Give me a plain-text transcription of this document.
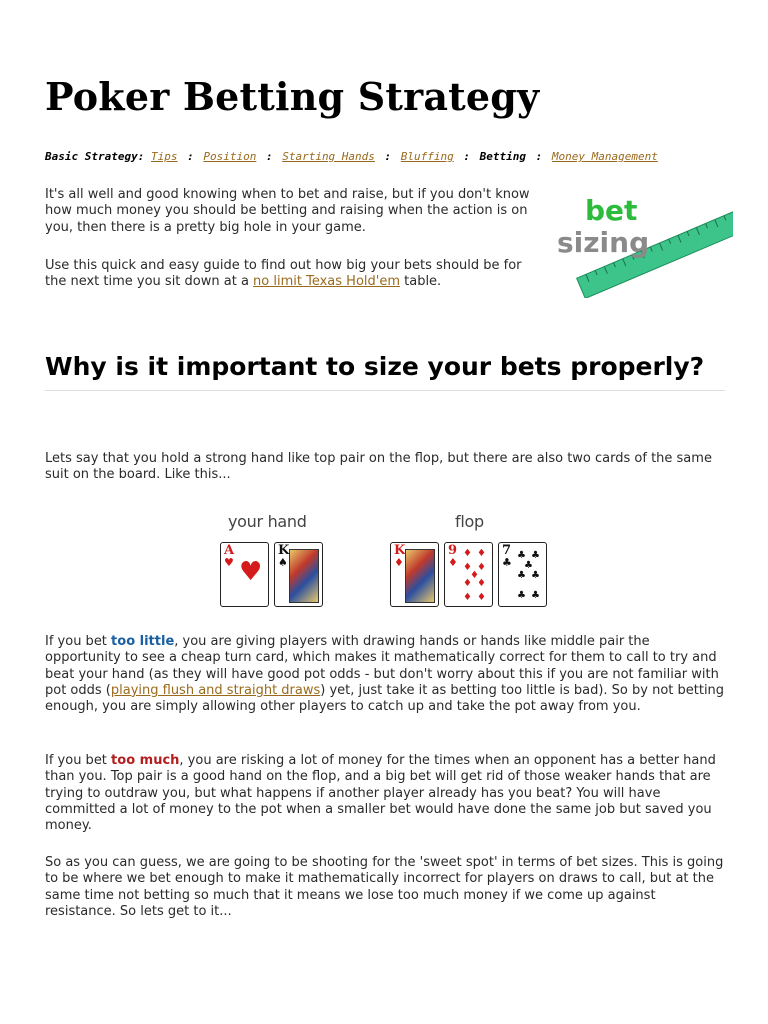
Poker Betting Strategy
Basic Strategy: Tips : Position : Starting Hands : Bluffing : Betting : Money Management

It's all well and good knowing when to bet and raise, but if you don't know how much money you should be betting and raising when the action is on you, then there is a pretty big hole in your game.

Use this quick and easy guide to find out how big your bets should be for the next time you sit down at a no limit Texas Hold'em table.

bet
sizing
Why is it important to size your bets properly?

Lets say that you hold a strong hand like top pair on the flop, but there are also two cards of the same suit on the board. Like this...

your hand	flop
A
♥ ♥
K
♠
K
♦
9
♦
♦ ♦
♦ ♦
♦
♦ ♦
♦ ♦
7
♣
♣ ♣
♣
♣ ♣
♣ ♣

If you bet too little, you are giving players with drawing hands or hands like middle pair the opportunity to see a cheap turn card, which makes it mathematically correct for them to call to try and beat your hand (as they will have good pot odds - but don't worry about this if you are not familiar with pot odds (playing flush and straight draws) yet, just take it as betting too little is bad). So by not betting enough, you are simply allowing other players to catch up and take the pot away from you.

If you bet too much, you are risking a lot of money for the times when an opponent has a better hand than you. Top pair is a good hand on the flop, and a big bet will get rid of those weaker hands that are trying to outdraw you, but what happens if another player already has you beat? You will have committed a lot of money to the pot when a smaller bet would have done the same job but saved you money.

So as you can guess, we are going to be shooting for the 'sweet spot' in terms of bet sizes. This is going to be where we bet enough to make it mathematically incorrect for players on draws to call, but at the same time not betting so much that it means we lose too much money if we come up against resistance. So lets get to it...
